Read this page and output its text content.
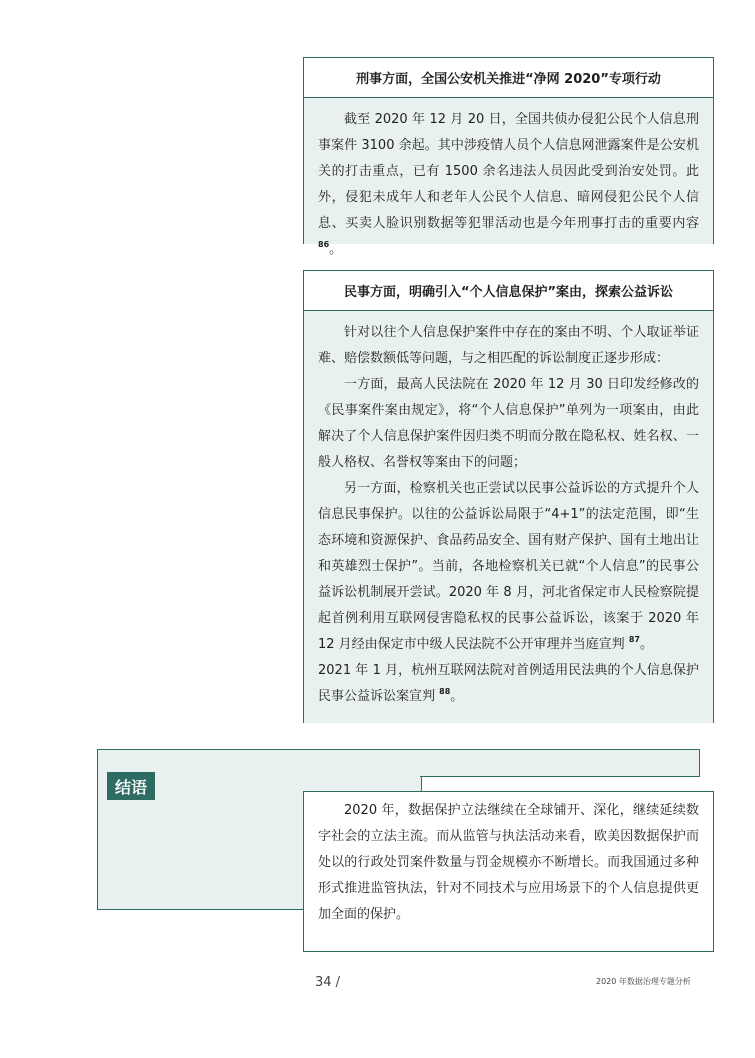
刑事方面，全国公安机关推进“净网 2020”专项行动

截至 2020 年 12 月 20 日，全国共侦办侵犯公民个人信息刑事案件 3100 余起。其中涉疫情人员个人信息网泄露案件是公安机关的打击重点，已有 1500 余名违法人员因此受到治安处罚。此外，侵犯未成年人和老年人公民个人信息、暗网侵犯公民个人信息、买卖人脸识别数据等犯罪活动也是今年刑事打击的重要内容 $^{86}$。

民事方面，明确引入“个人信息保护”案由，探索公益诉讼

针对以往个人信息保护案件中存在的案由不明、个人取证举证难、赔偿数额低等问题，与之相匹配的诉讼制度正逐步形成：

一方面，最高人民法院在 2020 年 12 月 30 日印发经修改的《民事案件案由规定》，将“个人信息保护”单列为一项案由，由此解决了个人信息保护案件因归类不明而分散在隐私权、姓名权、一般人格权、名誉权等案由下的问题；

另一方面，检察机关也正尝试以民事公益诉讼的方式提升个人信息民事保护。以往的公益诉讼局限于“4+1”的法定范围，即“生态环境和资源保护、食品药品安全、国有财产保护、国有土地出让和英雄烈士保护”。当前，各地检察机关已就“个人信息”的民事公益诉讼机制展开尝试。2020 年 8 月，河北省保定市人民检察院提起首例利用互联网侵害隐私权的民事公益诉讼，该案于 2020 年 12 月经由保定市中级人民法院不公开审理并当庭宣判 $^{87}$。

2021 年 1 月，杭州互联网法院对首例适用民法典的个人信息保护民事公益诉讼案宣判 $^{88}$。

结语

2020 年，数据保护立法继续在全球铺开、深化，继续延续数字社会的立法主流。而从监管与执法活动来看，欧美因数据保护而处以的行政处罚案件数量与罚金规模亦不断增长。而我国通过多种形式推进监管执法，针对不同技术与应用场景下的个人信息提供更加全面的保护。

34 /	2020 年数据治理专题分析
